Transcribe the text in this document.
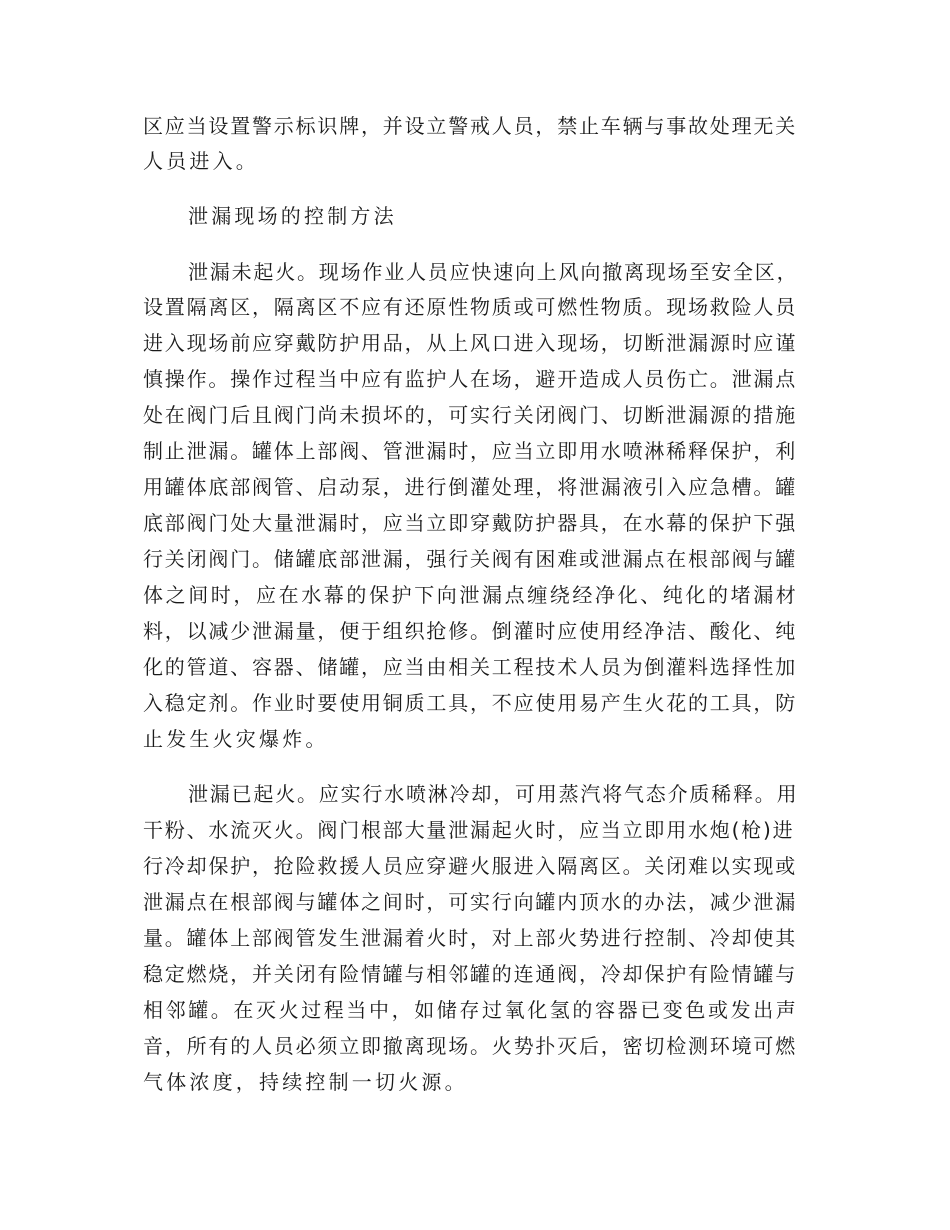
区应当设置警示标识牌，并设立警戒人员，禁止车辆与事故处理无关
人员进入。
泄漏现场的控制方法
泄漏未起火。现场作业人员应快速向上风向撤离现场至安全区，
设置隔离区，隔离区不应有还原性物质或可燃性物质。现场救险人员
进入现场前应穿戴防护用品，从上风口进入现场，切断泄漏源时应谨
慎操作。操作过程当中应有监护人在场，避开造成人员伤亡。泄漏点
处在阀门后且阀门尚未损坏的，可实行关闭阀门、切断泄漏源的措施
制止泄漏。罐体上部阀、管泄漏时，应当立即用水喷淋稀释保护，利
用罐体底部阀管、启动泵，进行倒灌处理，将泄漏液引入应急槽。罐
底部阀门处大量泄漏时，应当立即穿戴防护器具，在水幕的保护下强
行关闭阀门。储罐底部泄漏，强行关阀有困难或泄漏点在根部阀与罐
体之间时，应在水幕的保护下向泄漏点缠绕经净化、纯化的堵漏材
料，以减少泄漏量，便于组织抢修。倒灌时应使用经净洁、酸化、纯
化的管道、容器、储罐，应当由相关工程技术人员为倒灌料选择性加
入稳定剂。作业时要使用铜质工具，不应使用易产生火花的工具，防
止发生火灾爆炸。
泄漏已起火。应实行水喷淋冷却，可用蒸汽将气态介质稀释。用
干粉、水流灭火。阀门根部大量泄漏起火时，应当立即用水炮(枪)进
行冷却保护，抢险救援人员应穿避火服进入隔离区。关闭难以实现或
泄漏点在根部阀与罐体之间时，可实行向罐内顶水的办法，减少泄漏
量。罐体上部阀管发生泄漏着火时，对上部火势进行控制、冷却使其
稳定燃烧，并关闭有险情罐与相邻罐的连通阀，冷却保护有险情罐与
相邻罐。在灭火过程当中，如储存过氧化氢的容器已变色或发出声
音，所有的人员必须立即撤离现场。火势扑灭后，密切检测环境可燃
气体浓度，持续控制一切火源。
